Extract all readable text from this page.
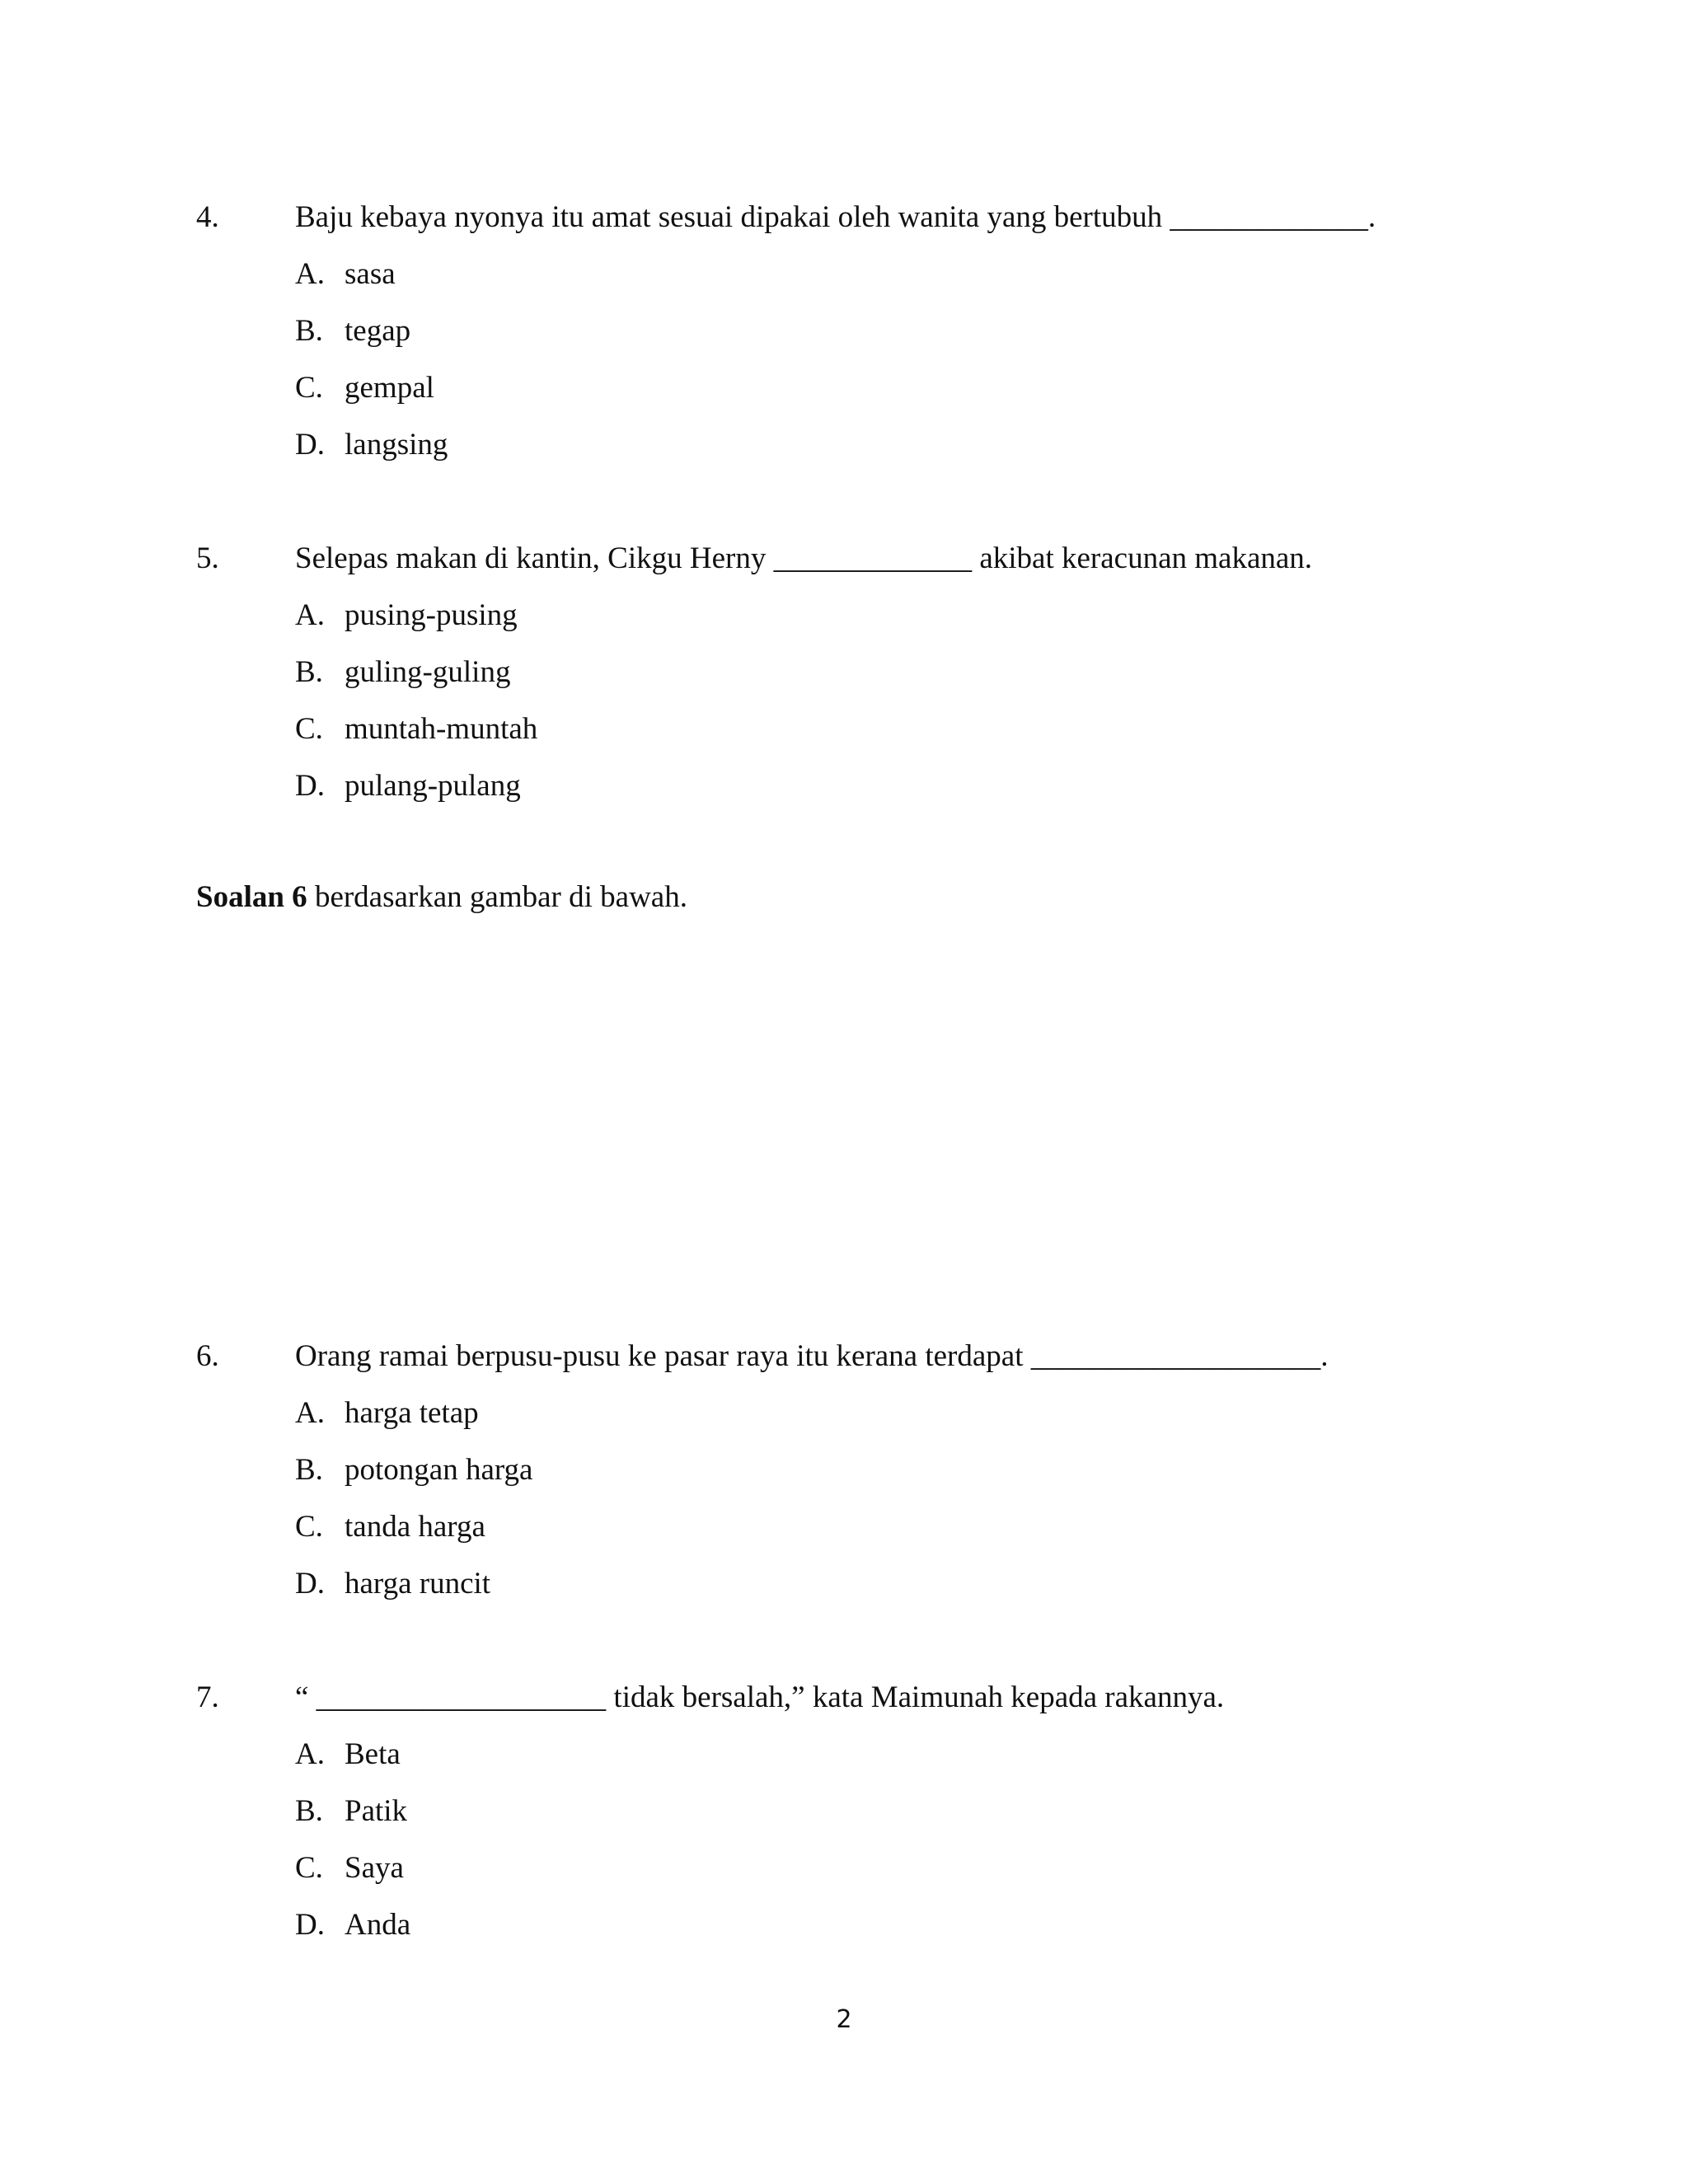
4. Baju kebaya nyonya itu amat sesuai dipakai oleh wanita yang bertubuh _____________.
A. sasa
B. tegap
C. gempal
D. langsing
5. Selepas makan di kantin, Cikgu Herny _____________ akibat keracunan makanan.
A. pusing-pusing
B. guling-guling
C. muntah-muntah
D. pulang-pulang
Soalan 6 berdasarkan gambar di bawah.
6. Orang ramai berpusu-pusu ke pasar raya itu kerana terdapat ___________________.
A. harga tetap
B. potongan harga
C. tanda harga
D. harga runcit
7. “ ___________________ tidak bersalah,” kata Maimunah kepada rakannya.
A. Beta
B. Patik
C. Saya
D. Anda
2
